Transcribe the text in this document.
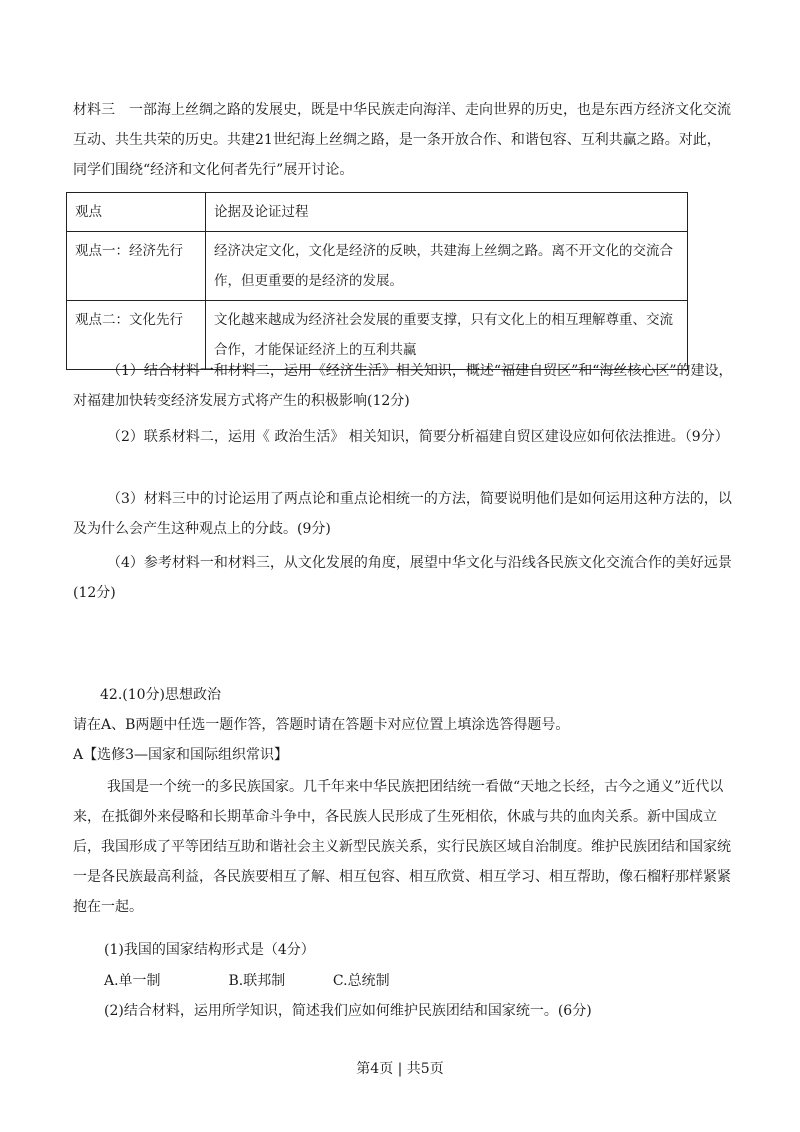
材料三　一部海上丝绸之路的发展史，既是中华民族走向海洋、走向世界的历史，也是东西方经济文化交流互动、共生共荣的历史。共建21世纪海上丝绸之路，是一条开放合作、和谐包容、互利共赢之路。对此，同学们围绕“经济和文化何者先行”展开讨论。
观点	论据及论证过程
观点一：经济先行	经济决定文化，文化是经济的反映，共建海上丝绸之路。离不开文化的交流合作，但更重要的是经济的发展。
观点二：文化先行	文化越来越成为经济社会发展的重要支撑，只有文化上的相互理解尊重、交流合作，才能保证经济上的互利共赢
（1）结合材料一和材料二，运用《经济生活》相关知识，概述“福建自贸区”和“海丝核心区”的建设，对福建加快转变经济发展方式将产生的积极影响(12分)
（2）联系材料二，运用《 政治生活》 相关知识，简要分析福建自贸区建设应如何依法推进。（9分）
（3）材料三中的讨论运用了两点论和重点论相统一的方法，简要说明他们是如何运用这种方法的，以及为什么会产生这种观点上的分歧。(9分)
（4）参考材料一和材料三，从文化发展的角度，展望中华文化与沿线各民族文化交流合作的美好远景(12分)
42.(10分)思想政治
请在A、B两题中任选一题作答，答题时请在答题卡对应位置上填涂选答得题号。
A【选修3—国家和国际组织常识】
我国是一个统一的多民族国家。几千年来中华民族把团结统一看做“天地之长经，古今之通义”近代以来，在抵御外来侵略和长期革命斗争中，各民族人民形成了生死相依，休戚与共的血肉关系。新中国成立后，我国形成了平等团结互助和谐社会主义新型民族关系，实行民族区域自治制度。维护民族团结和国家统一是各民族最高利益，各民族要相互了解、相互包容、相互欣赏、相互学习、相互帮助，像石榴籽那样紧紧抱在一起。
(1)我国的国家结构形式是（4分）
A.单一制	B.联邦制	C.总统制
(2)结合材料，运用所学知识，简述我们应如何维护民族团结和国家统一。(6分)
第4页 | 共5页
